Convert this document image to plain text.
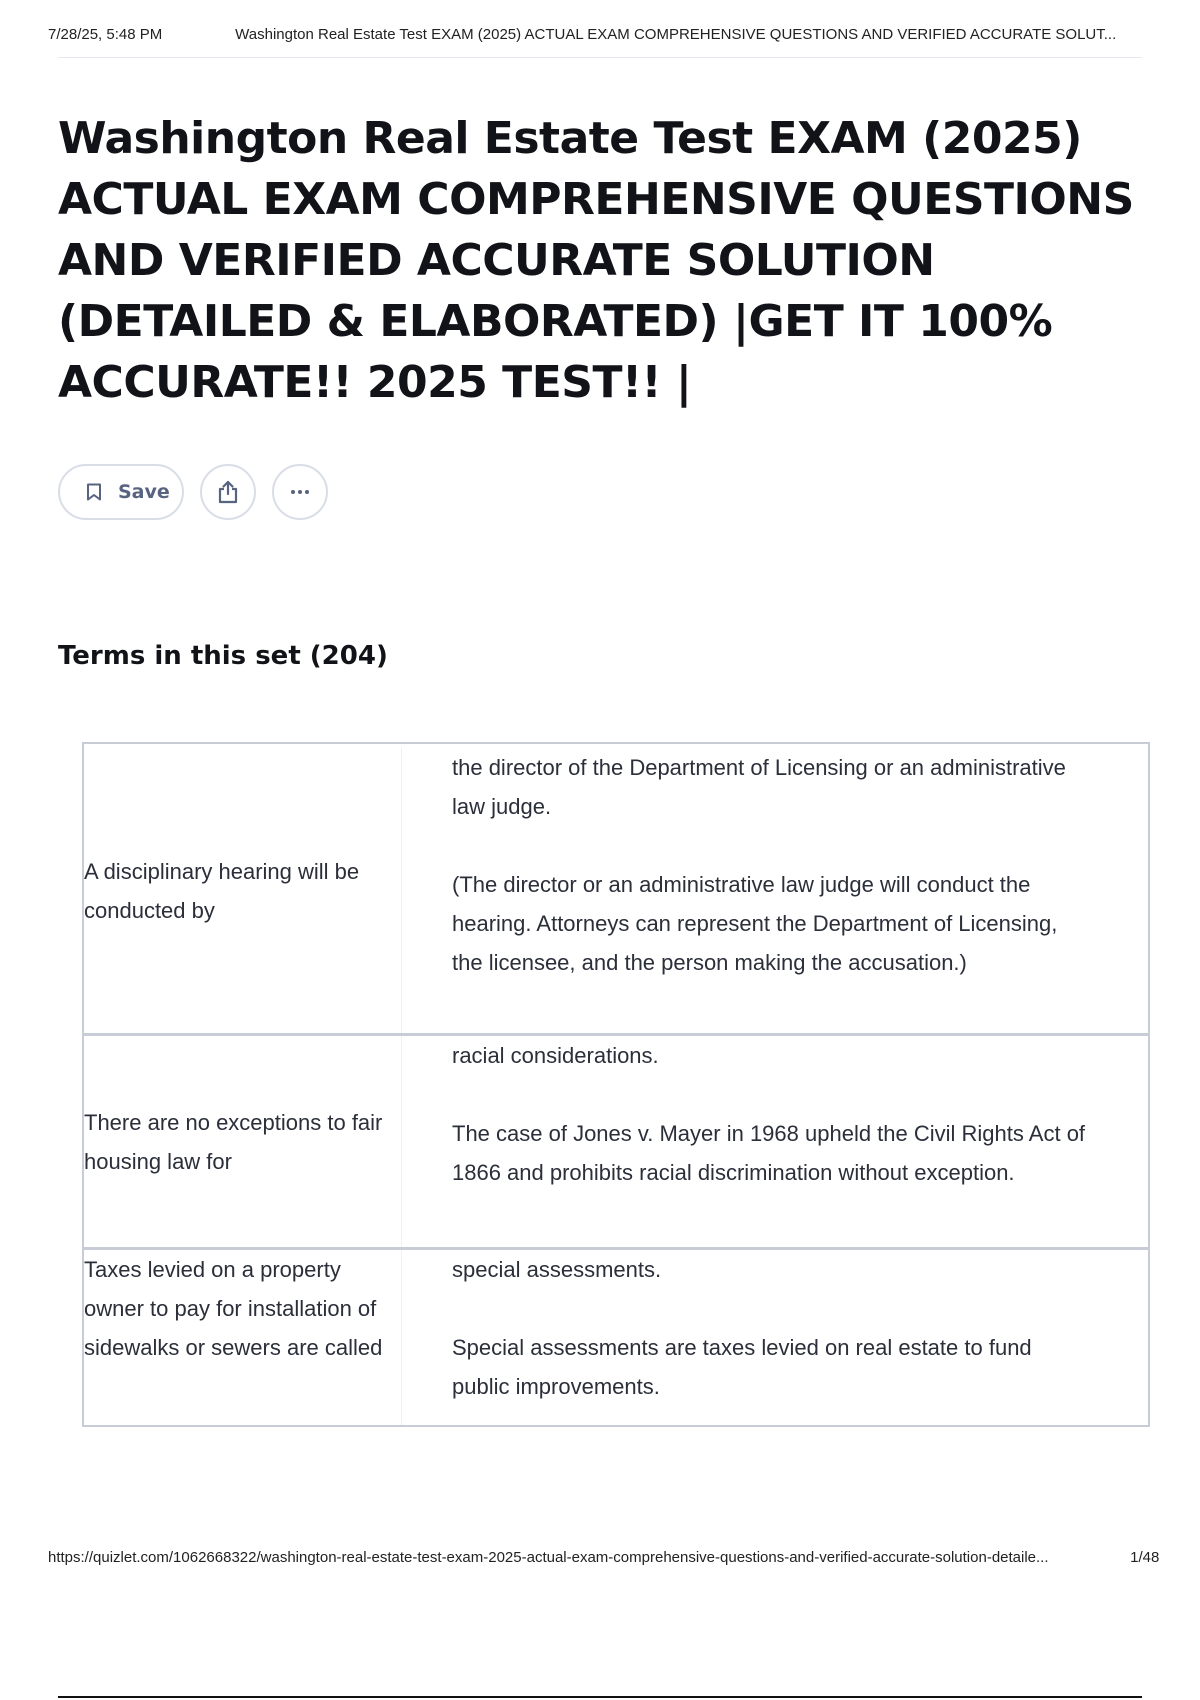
7/28/25, 5:48 PM	Washington Real Estate Test EXAM (2025) ACTUAL EXAM COMPREHENSIVE QUESTIONS AND VERIFIED ACCURATE SOLUT...
Washington Real Estate Test EXAM (2025) ACTUAL EXAM COMPREHENSIVE QUESTIONS AND VERIFIED ACCURATE SOLUTION (DETAILED & ELABORATED) |GET IT 100% ACCURATE!! 2025 TEST!! |
Save
Terms in this set (204)
A disciplinary hearing will be conducted by

the director of the Department of Licensing or an administrative law judge.

(The director or an administrative law judge will conduct the hearing. Attorneys can represent the Department of Licensing, the licensee, and the person making the accusation.)

There are no exceptions to fair housing law for

racial considerations.

The case of Jones v. Mayer in 1968 upheld the Civil Rights Act of 1866 and prohibits racial discrimination without exception.

Taxes levied on a property owner to pay for installation of sidewalks or sewers are called

special assessments.

Special assessments are taxes levied on real estate to fund public improvements.

https://quizlet.com/1062668322/washington-real-estate-test-exam-2025-actual-exam-comprehensive-questions-and-verified-accurate-solution-detaile...	1/48
